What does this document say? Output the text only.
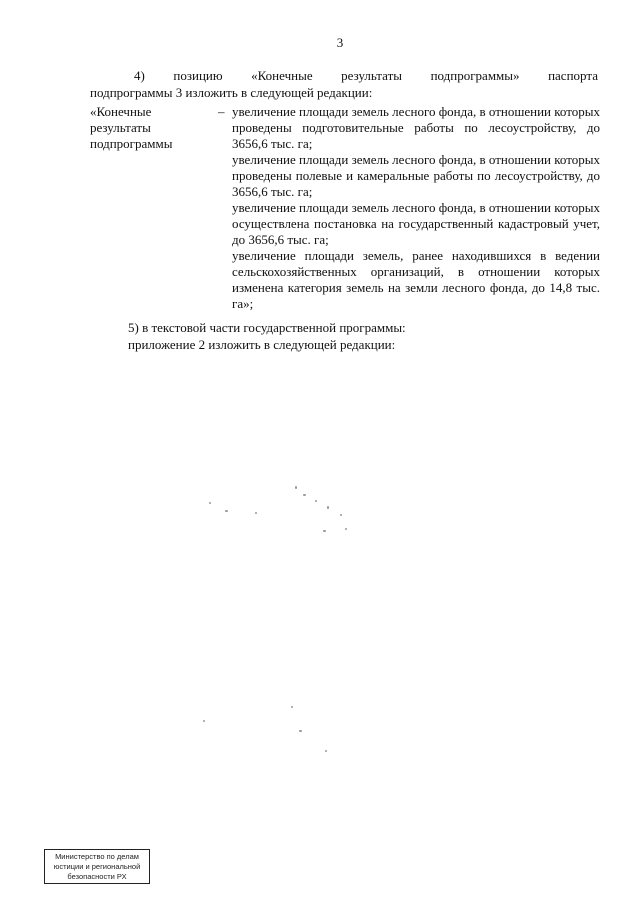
3
4) позицию «Конечные результаты подпрограммы» паспорта
подпрограммы 3 изложить в следующей редакции:
«Конечные
результаты
подпрограммы
– увеличение площади земель лесного фонда, в отношении которых проведены подготовительные работы по лесоустройству, до 3656,6 тыс. га;

увеличение площади земель лесного фонда, в отношении которых проведены полевые и камеральные работы по лесоустройству, до 3656,6 тыс. га;

увеличение площади земель лесного фонда, в отношении которых осуществлена постановка на государственный кадастровый учет, до 3656,6 тыс. га;

увеличение площади земель, ранее находившихся в ведении сельскохозяйственных организаций, в отношении которых изменена категория земель на земли лесного фонда, до 14,8 тыс. га»;

5) в текстовой части государственной программы:
приложение 2 изложить в следующей редакции:
Министерство по делам
юстиции и региональной
безопасности РХ
